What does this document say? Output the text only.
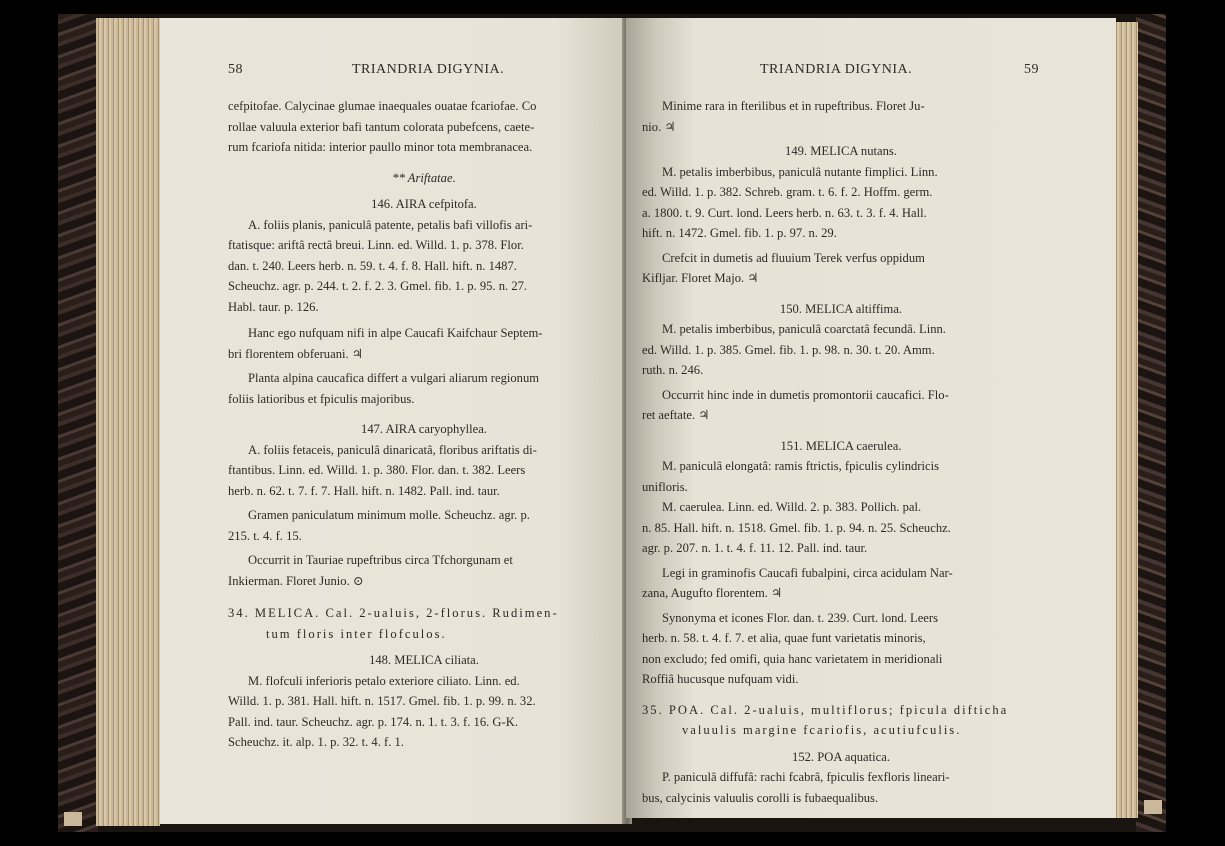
58	TRIANDRIA DIGYNIA.

cefpitofae. Calycinae glumae inaequales ouatae fcariofae. Co

rollae valuula exterior bafi tantum colorata pubefcens, caete-

rum fcariofa nitida: interior paullo minor tota membranacea.

** Ariftatae.

146. AIRA cefpitofa.

A. foliis planis, paniculâ patente, petalis bafi villofis ari-

ftatisque: ariftâ rectâ breui. Linn. ed. Willd. 1. p. 378. Flor.

dan. t. 240. Leers herb. n. 59. t. 4. f. 8. Hall. hift. n. 1487.

Scheuchz. agr. p. 244. t. 2. f. 2. 3. Gmel. fib. 1. p. 95. n. 27.

Habl. taur. p. 126.

Hanc ego nufquam nifi in alpe Caucafi Kaifchaur Septem-

bri florentem obferuani. ♃

Planta alpina caucafica differt a vulgari aliarum regionum

foliis latioribus et fpiculis majoribus.

147. AIRA caryophyllea.

A. foliis fetaceis, paniculâ dinaricatâ, floribus ariftatis di-

ftantibus. Linn. ed. Willd. 1. p. 380. Flor. dan. t. 382. Leers

herb. n. 62. t. 7. f. 7. Hall. hift. n. 1482. Pall. ind. taur.

Gramen paniculatum minimum molle. Scheuchz. agr. p.

215. t. 4. f. 15.

Occurrit in Tauriae rupeftribus circa Tfchorgunam et

Inkierman. Floret Junio. ⊙

34. MELICA. Cal. 2-ualuis, 2-florus. Rudimen-

tum floris inter flofculos.

148. MELICA ciliata.

M. flofculi inferioris petalo exteriore ciliato. Linn. ed.

Willd. 1. p. 381. Hall. hift. n. 1517. Gmel. fib. 1. p. 99. n. 32.

Pall. ind. taur. Scheuchz. agr. p. 174. n. 1. t. 3. f. 16. G-K.

Scheuchz. it. alp. 1. p. 32. t. 4. f. 1.

TRIANDRIA DIGYNIA.	59

Minime rara in fterilibus et in rupeftribus. Floret Ju-

nio. ♃

149. MELICA nutans.

M. petalis imberbibus, paniculâ nutante fimplici. Linn.

ed. Willd. 1. p. 382. Schreb. gram. t. 6. f. 2. Hoffm. germ.

a. 1800. t. 9. Curt. lond. Leers herb. n. 63. t. 3. f. 4. Hall.

hift. n. 1472. Gmel. fib. 1. p. 97. n. 29.

Crefcit in dumetis ad fluuium Terek verfus oppidum

Kifljar. Floret Majo. ♃

150. MELICA altiffima.

M. petalis imberbibus, paniculâ coarctatâ fecundâ. Linn.

ed. Willd. 1. p. 385. Gmel. fib. 1. p. 98. n. 30. t. 20. Amm.

ruth. n. 246.

Occurrit hinc inde in dumetis promontorii caucafici. Flo-

ret aeftate. ♃

151. MELICA caerulea.

M. paniculâ elongatâ: ramis ftrictis, fpiculis cylindricis

unifloris.

M. caerulea. Linn. ed. Willd. 2. p. 383. Pollich. pal.

n. 85. Hall. hift. n. 1518. Gmel. fib. 1. p. 94. n. 25. Scheuchz.

agr. p. 207. n. 1. t. 4. f. 11. 12. Pall. ind. taur.

Legi in graminofis Caucafi fubalpini, circa acidulam Nar-

zana, Augufto florentem. ♃

Synonyma et icones Flor. dan. t. 239. Curt. lond. Leers

herb. n. 58. t. 4. f. 7. et alia, quae funt varietatis minoris,

non excludo; fed omifi, quia hanc varietatem in meridionali

Roffiâ hucusque nufquam vidi.

35. POA. Cal. 2-ualuis, multiflorus; fpicula difticha

valuulis margine fcariofis, acutiufculis.

152. POA aquatica.

P. paniculâ diffufâ: rachi fcabrâ, fpiculis fexfloris lineari-

bus, calycinis valuulis corolli is fubaequalibus.
